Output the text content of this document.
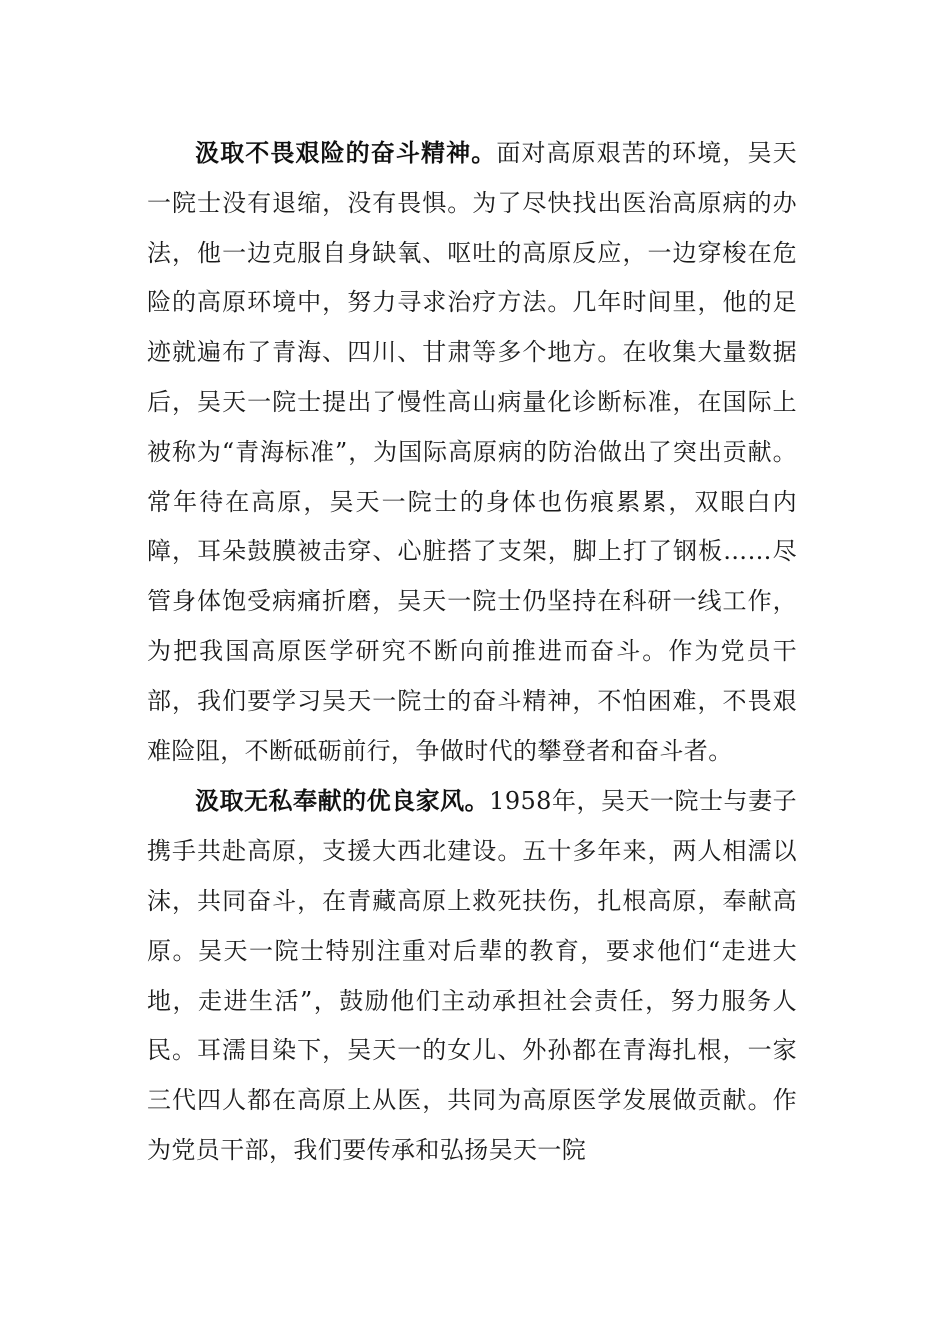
汲取不畏艰险的奋斗精神。面对高原艰苦的环境，吴天一院士没有退缩，没有畏惧。为了尽快找出医治高原病的办法，他一边克服自身缺氧、呕吐的高原反应，一边穿梭在危险的高原环境中，努力寻求治疗方法。几年时间里，他的足迹就遍布了青海、四川、甘肃等多个地方。在收集大量数据后，吴天一院士提出了慢性高山病量化诊断标准，在国际上被称为“青海标准”，为国际高原病的防治做出了突出贡献。常年待在高原，吴天一院士的身体也伤痕累累，双眼白内障，耳朵鼓膜被击穿、心脏搭了支架，脚上打了钢板……尽管身体饱受病痛折磨，吴天一院士仍坚持在科研一线工作，为把我国高原医学研究不断向前推进而奋斗。作为党员干部，我们要学习吴天一院士的奋斗精神，不怕困难，不畏艰难险阻，不断砥砺前行，争做时代的攀登者和奋斗者。

汲取无私奉献的优良家风。1958年，吴天一院士与妻子携手共赴高原，支援大西北建设。五十多年来，两人相濡以沫，共同奋斗，在青藏高原上救死扶伤，扎根高原，奉献高原。吴天一院士特别注重对后辈的教育，要求他们“走进大地，走进生活”，鼓励他们主动承担社会责任，努力服务人民。耳濡目染下，吴天一的女儿、外孙都在青海扎根，一家三代四人都在高原上从医，共同为高原医学发展做贡献。作为党员干部，我们要传承和弘扬吴天一院
